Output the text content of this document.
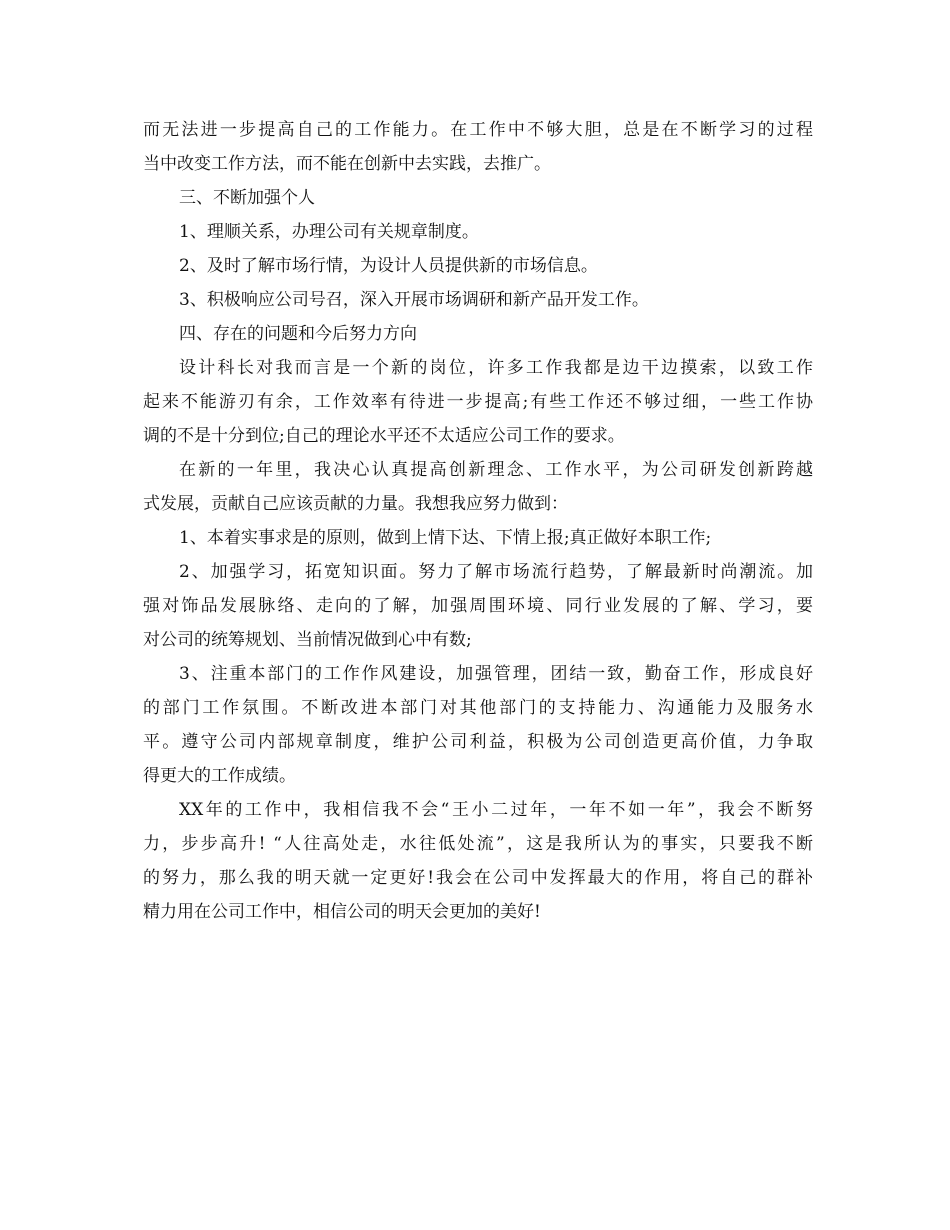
而无法进一步提高自己的工作能力。在工作中不够大胆，总是在不断学习的过程
当中改变工作方法，而不能在创新中去实践，去推广。
三、不断加强个人
1、理顺关系，办理公司有关规章制度。
2、及时了解市场行情，为设计人员提供新的市场信息。
3、积极响应公司号召，深入开展市场调研和新产品开发工作。
四、存在的问题和今后努力方向
设计科长对我而言是一个新的岗位，许多工作我都是边干边摸索，以致工作
起来不能游刃有余，工作效率有待进一步提高;有些工作还不够过细，一些工作协
调的不是十分到位;自己的理论水平还不太适应公司工作的要求。
在新的一年里，我决心认真提高创新理念、工作水平，为公司研发创新跨越
式发展，贡献自己应该贡献的力量。我想我应努力做到：
1、本着实事求是的原则，做到上情下达、下情上报;真正做好本职工作;
2、加强学习，拓宽知识面。努力了解市场流行趋势，了解最新时尚潮流。加
强对饰品发展脉络、走向的了解，加强周围环境、同行业发展的了解、学习，要
对公司的统筹规划、当前情况做到心中有数;
3、注重本部门的工作作风建设，加强管理，团结一致，勤奋工作，形成良好
的部门工作氛围。不断改进本部门对其他部门的支持能力、沟通能力及服务水
平。遵守公司内部规章制度，维护公司利益，积极为公司创造更高价值，力争取
得更大的工作成绩。
XX年的工作中，我相信我不会“王小二过年，一年不如一年”，我会不断努
力，步步高升! “人往高处走，水往低处流”，这是我所认为的事实，只要我不断
的努力，那么我的明天就一定更好!我会在公司中发挥最大的作用，将自己的群补
精力用在公司工作中，相信公司的明天会更加的美好!
